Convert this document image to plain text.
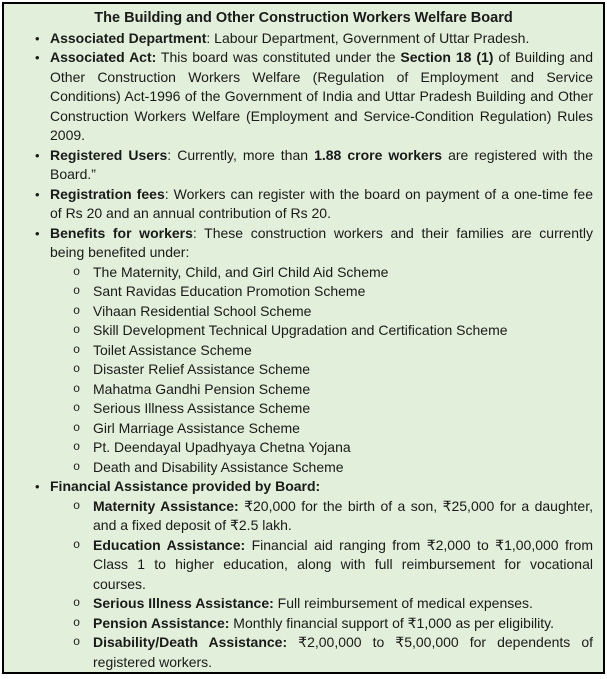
The Building and Other Construction Workers Welfare Board
• Associated Department: Labour Department, Government of Uttar Pradesh.
• Associated Act: This board was constituted under the Section 18 (1) of Building and Other Construction Workers Welfare (Regulation of Employment and Service Conditions) Act-1996 of the Government of India and Uttar Pradesh Building and Other Construction Workers Welfare (Employment and Service-Condition Regulation) Rules 2009.
• Registered Users: Currently, more than 1.88 crore workers are registered with the Board.”
• Registration fees: Workers can register with the board on payment of a one-time fee of Rs 20 and an annual contribution of Rs 20.
• Benefits for workers: These construction workers and their families are currently being benefited under:
o The Maternity, Child, and Girl Child Aid Scheme
o Sant Ravidas Education Promotion Scheme
o Vihaan Residential School Scheme
o Skill Development Technical Upgradation and Certification Scheme
o Toilet Assistance Scheme
o Disaster Relief Assistance Scheme
o Mahatma Gandhi Pension Scheme
o Serious Illness Assistance Scheme
o Girl Marriage Assistance Scheme
o Pt. Deendayal Upadhyaya Chetna Yojana
o Death and Disability Assistance Scheme
• Financial Assistance provided by Board:
o Maternity Assistance: ₹20,000 for the birth of a son, ₹25,000 for a daughter, and a fixed deposit of ₹2.5 lakh.
o Education Assistance: Financial aid ranging from ₹2,000 to ₹1,00,000 from Class 1 to higher education, along with full reimbursement for vocational courses.
o Serious Illness Assistance: Full reimbursement of medical expenses.
o Pension Assistance: Monthly financial support of ₹1,000 as per eligibility.
o Disability/Death Assistance: ₹2,00,000 to ₹5,00,000 for dependents of registered workers.
